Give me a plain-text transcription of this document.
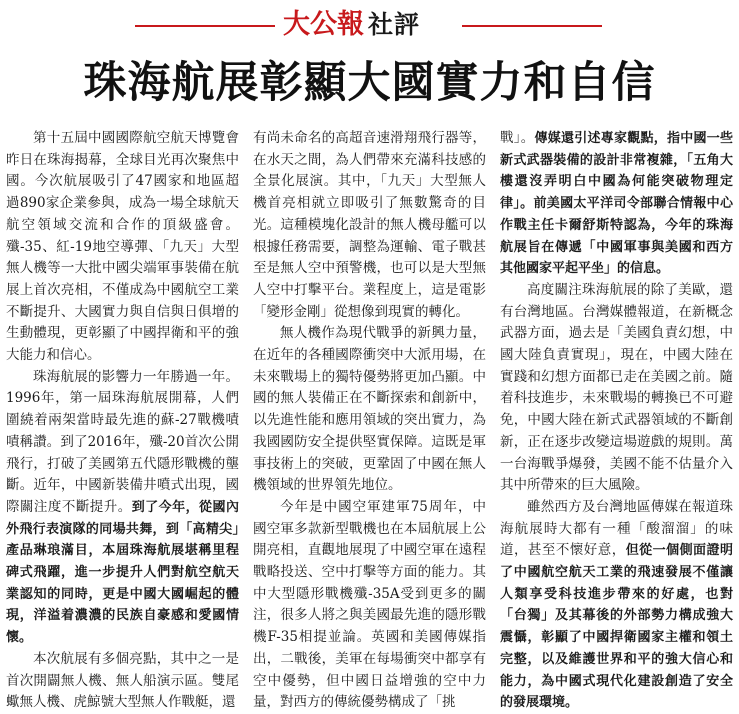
大公報 社評
珠海航展彰顯大國實力和自信

第十五屆中國國際航空航天博覽會昨日在珠海揭幕，全球目光再次聚焦中國。今次航展吸引了47國家和地區超過890家企業參與，成為一場全球航天航空領域交流和合作的頂級盛會。殲-35、紅-19地空導彈、「九天」大型無人機等一大批中國尖端軍事裝備在航展上首次亮相，不僅成為中國航空工業不斷提升、大國實力與自信與日俱增的生動體現，更彰顯了中國捍衛和平的強大能力和信心。

珠海航展的影響力一年勝過一年。1996年，第一屆珠海航展開幕，人們圍繞着兩架當時最先進的蘇-27戰機嘖嘖稱讚。到了2016年，殲-20首次公開飛行，打破了美國第五代隱形戰機的壟斷。近年，中國新裝備井噴式出現，國際關注度不斷提升。到了今年，從國內外飛行表演隊的同場共舞，到「高精尖」產品琳琅滿目，本屆珠海航展堪稱里程碑式飛躍，進一步提升人們對航空航天業認知的同時，更是中國大國崛起的體現，洋溢着濃濃的民族自豪感和愛國情懷。

本次航展有多個亮點，其中之一是首次開闢無人機、無人船演示區。雙尾蠍無人機、虎鯨號大型無人作戰艇，還

有尚未命名的高超音速滑翔飛行器等，在水天之間，為人們帶來充滿科技感的全景化展演。其中，「九天」大型無人機首亮相就立即吸引了無數驚奇的目光。這種模塊化設計的無人機母艦可以根據任務需要，調整為運輸、電子戰甚至是無人空中預警機，也可以是大型無人空中打擊平台。業程度上，這是電影「變形金剛」從想像到現實的轉化。

無人機作為現代戰爭的新興力量，在近年的各種國際衝突中大派用場，在未來戰場上的獨特優勢將更加凸顯。中國的無人裝備正在不斷探索和創新中，以先進性能和應用領域的突出實力，為我國國防安全提供堅實保障。這既是軍事技術上的突破，更鞏固了中國在無人機領域的世界領先地位。

今年是中國空軍建軍75周年，中國空軍多款新型戰機也在本屆航展上公開亮相，直觀地展現了中國空軍在遠程戰略投送、空中打擊等方面的能力。其中大型隱形戰機殲-35A受到更多的關注，很多人將之與美國最先進的隱形戰機F-35相提並論。英國和美國傳媒指出，二戰後，美軍在每場衝突中都享有空中優勢，但中國日益增強的空中力量，對西方的傳統優勢構成了「挑

戰」。傳媒還引述專家觀點，指中國一些新式武器裝備的設計非常複雜，「五角大樓還沒弄明白中國為何能突破物理定律」。前美國太平洋司令部聯合情報中心作戰主任卡爾舒斯特認為，今年的珠海航展旨在傳遞「中國軍事與美國和西方其他國家平起平坐」的信息。

高度關注珠海航展的除了美歐，還有台灣地區。台灣媒體報道，在新概念武器方面，過去是「美國負責幻想，中國大陸負責實現」，現在，中國大陸在實踐和幻想方面都已走在美國之前。隨着科技進步，未來戰場的轉換已不可避免，中國大陸在新式武器領域的不斷創新，正在逐步改變這場遊戲的規則。萬一台海戰爭爆發，美國不能不估量介入其中所帶來的巨大風險。

雖然西方及台灣地區傳媒在報道珠海航展時大都有一種「酸溜溜」的味道，甚至不懷好意，但從一個側面證明了中國航空航天工業的飛速發展不僅讓人類享受科技進步帶來的好處，也對「台獨」及其幕後的外部勢力構成強大震懾，彰顯了中國捍衛國家主權和領土完整，以及維護世界和平的強大信心和能力，為中國式現代化建設創造了安全的發展環境。
